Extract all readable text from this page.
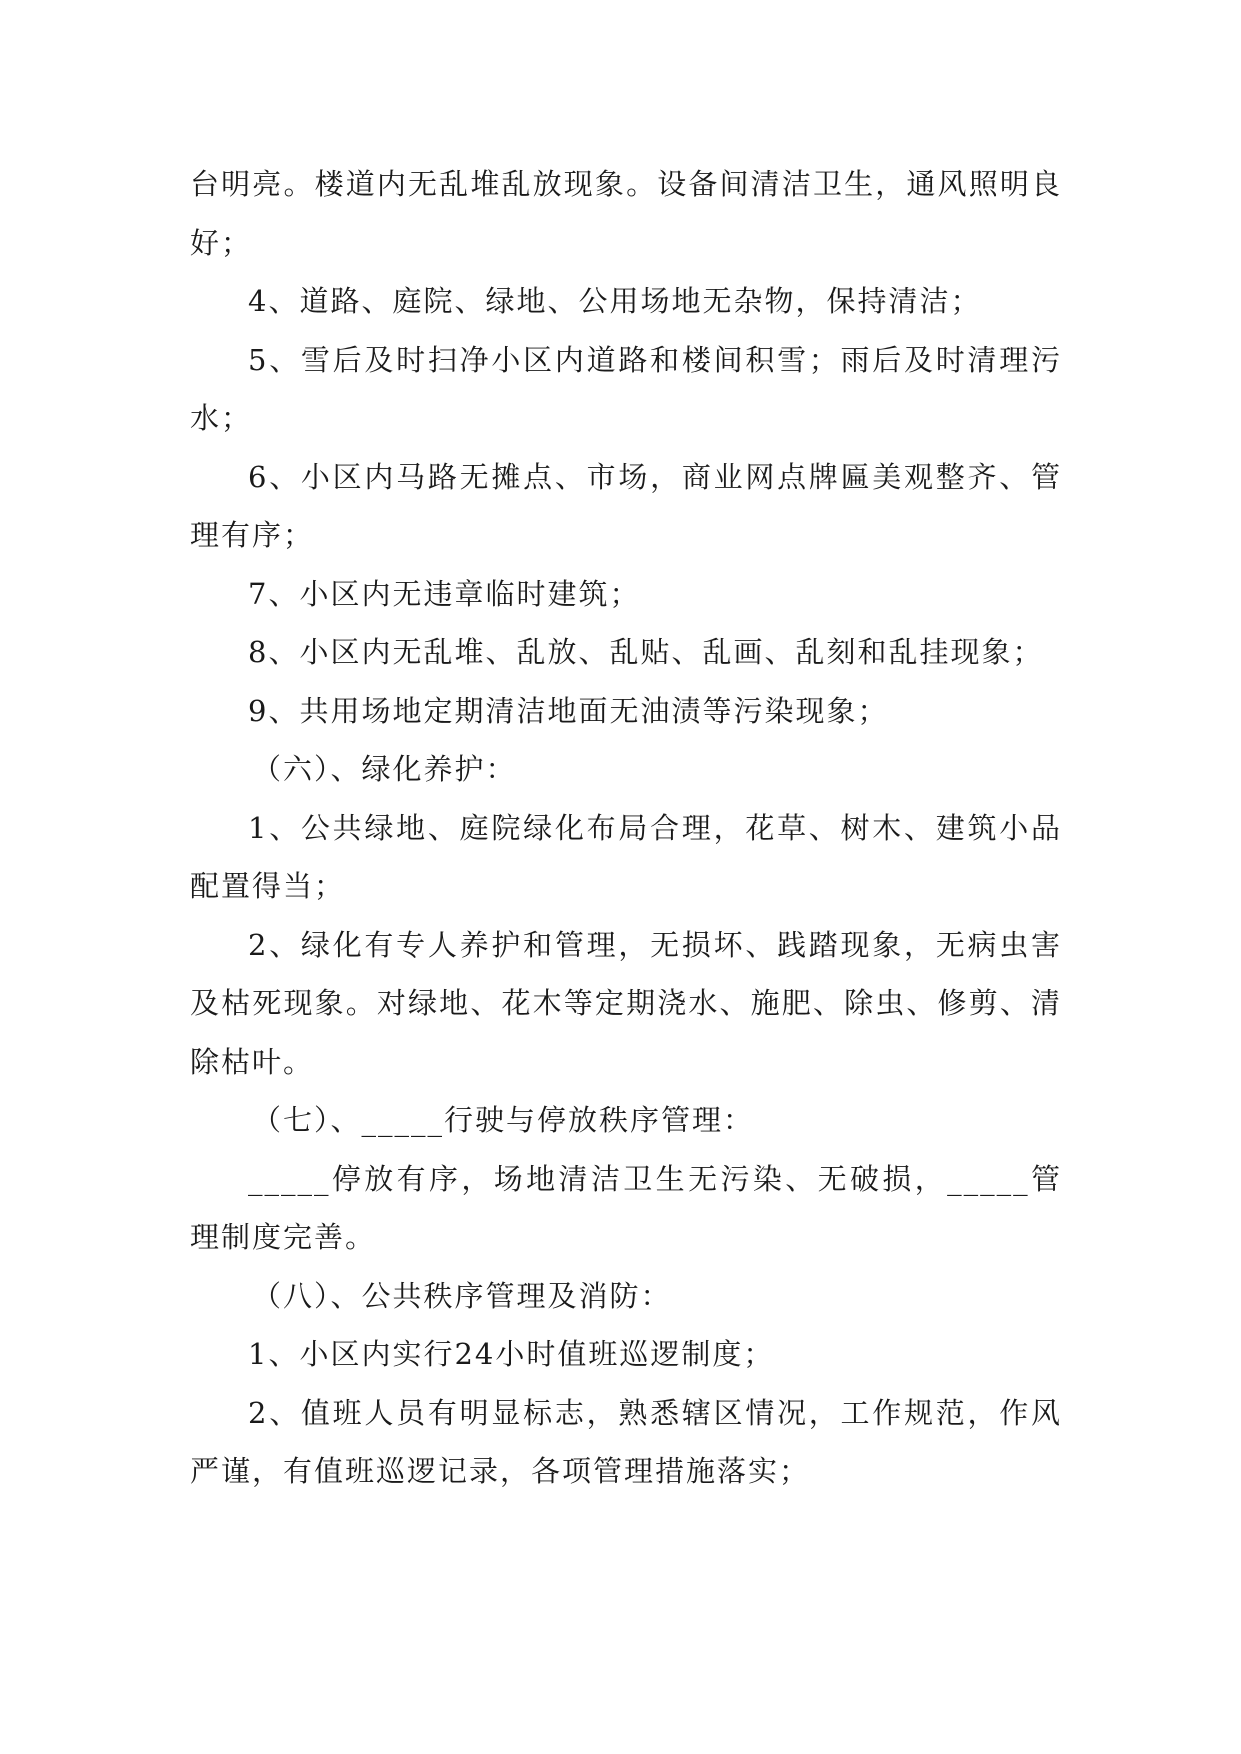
台明亮。楼道内无乱堆乱放现象。设备间清洁卫生，通风照明良好；

4、道路、庭院、绿地、公用场地无杂物，保持清洁；

5、雪后及时扫净小区内道路和楼间积雪；雨后及时清理污水；

6、小区内马路无摊点、市场，商业网点牌匾美观整齐、管理有序；

7、小区内无违章临时建筑；

8、小区内无乱堆、乱放、乱贴、乱画、乱刻和乱挂现象；

9、共用场地定期清洁地面无油渍等污染现象；

（六）、绿化养护：

1、公共绿地、庭院绿化布局合理，花草、树木、建筑小品配置得当；

2、绿化有专人养护和管理，无损坏、践踏现象，无病虫害及枯死现象。对绿地、花木等定期浇水、施肥、除虫、修剪、清除枯叶。

（七）、_____行驶与停放秩序管理：

_____停放有序，场地清洁卫生无污染、无破损，_____管理制度完善。

（八）、公共秩序管理及消防：

1、小区内实行24小时值班巡逻制度；

2、值班人员有明显标志，熟悉辖区情况，工作规范，作风严谨，有值班巡逻记录，各项管理措施落实；
